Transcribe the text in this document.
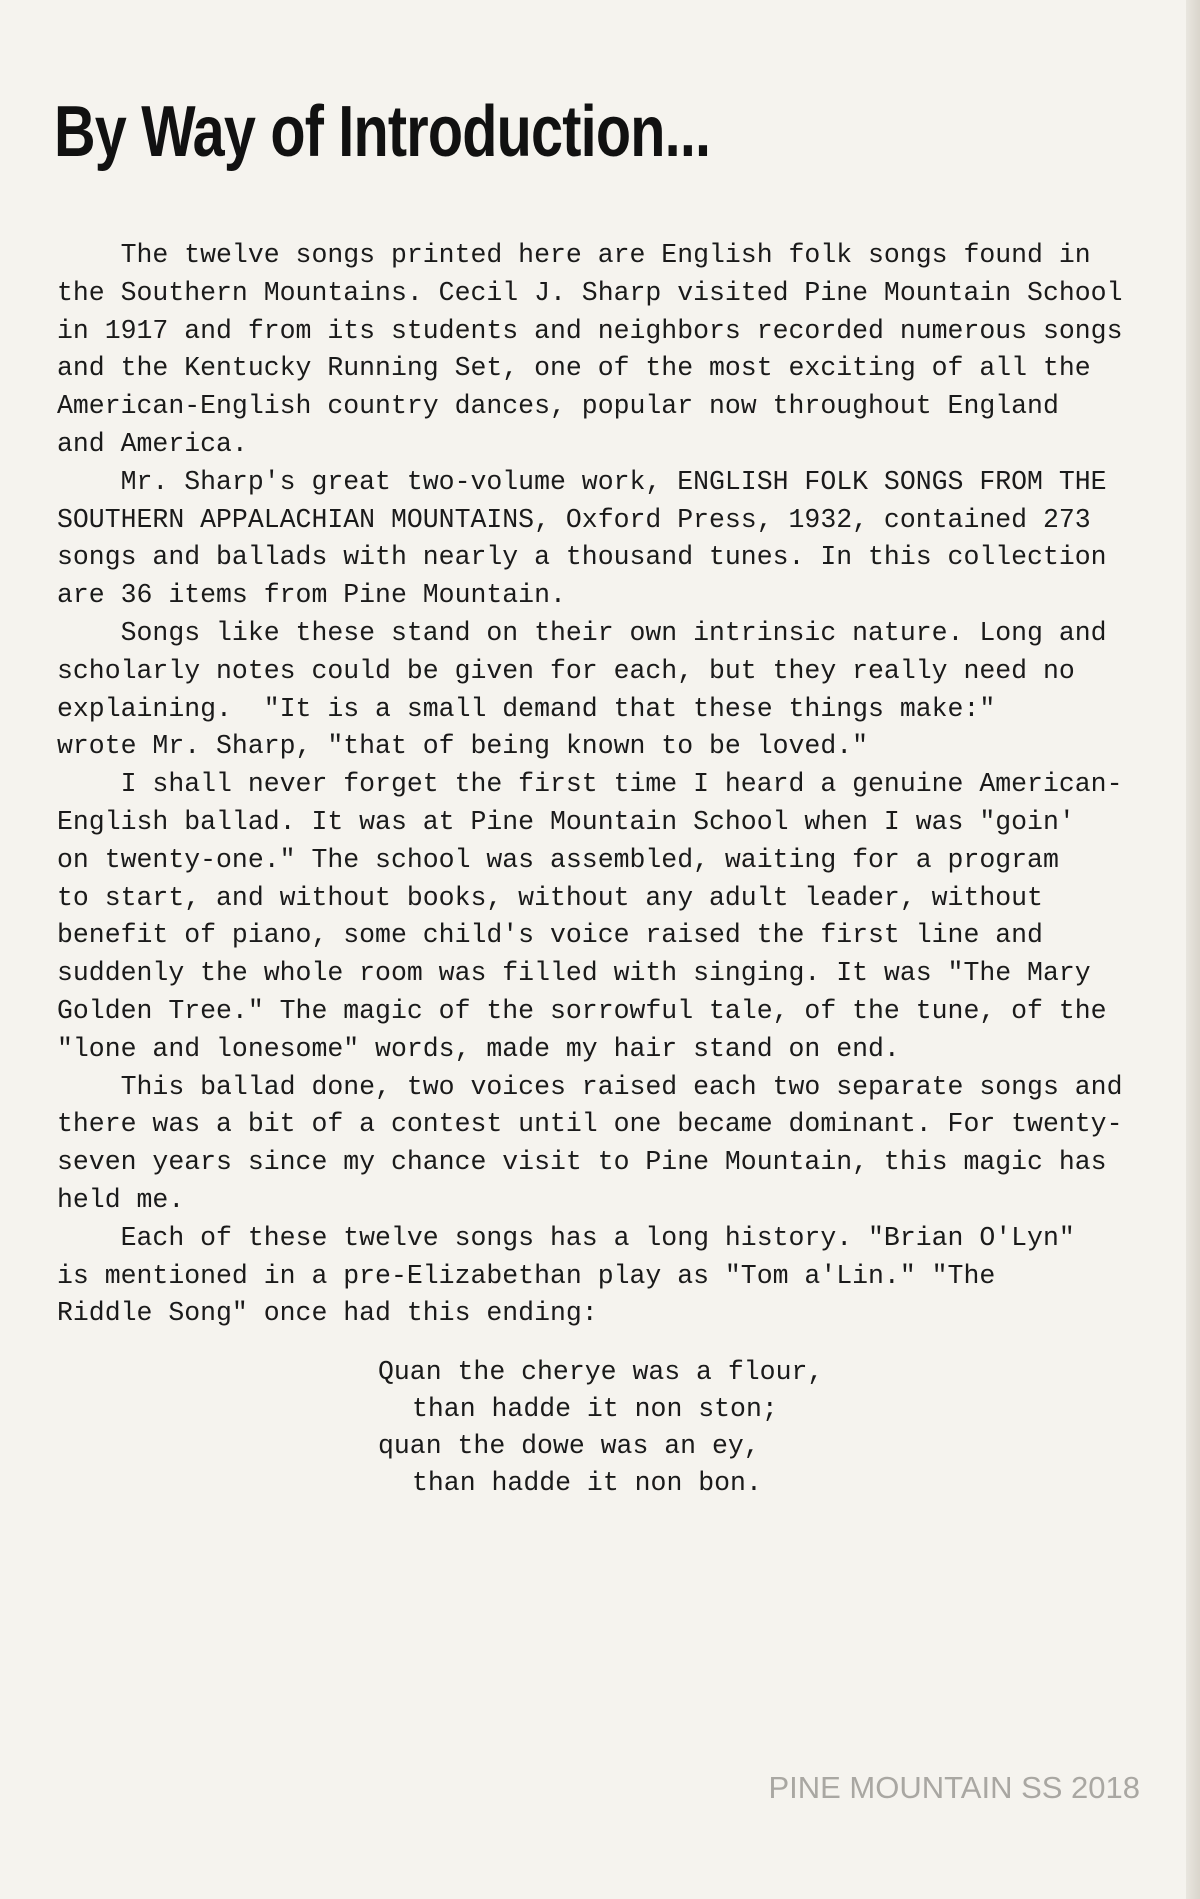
By Way of Introduction...

The twelve songs printed here are English folk songs found in
the Southern Mountains. Cecil J. Sharp visited Pine Mountain School
in 1917 and from its students and neighbors recorded numerous songs
and the Kentucky Running Set, one of the most exciting of all the
American-English country dances, popular now throughout England
and America.

Mr. Sharp's great two-volume work, ENGLISH FOLK SONGS FROM THE
SOUTHERN APPALACHIAN MOUNTAINS, Oxford Press, 1932, contained 273
songs and ballads with nearly a thousand tunes. In this collection
are 36 items from Pine Mountain.

Songs like these stand on their own intrinsic nature. Long and
scholarly notes could be given for each, but they really need no
explaining.  "It is a small demand that these things make:"
wrote Mr. Sharp, "that of being known to be loved."

I shall never forget the first time I heard a genuine American-
English ballad. It was at Pine Mountain School when I was "goin'
on twenty-one." The school was assembled, waiting for a program
to start, and without books, without any adult leader, without
benefit of piano, some child's voice raised the first line and
suddenly the whole room was filled with singing. It was "The Mary
Golden Tree." The magic of the sorrowful tale, of the tune, of the
"lone and lonesome" words, made my hair stand on end.

This ballad done, two voices raised each two separate songs and
there was a bit of a contest until one became dominant. For twenty-
seven years since my chance visit to Pine Mountain, this magic has
held me.

Each of these twelve songs has a long history. "Brian O'Lyn"
is mentioned in a pre-Elizabethan play as "Tom a'Lin." "The
Riddle Song" once had this ending:

Quan the cherye was a flour,
than hadde it non ston;
quan the dowe was an ey,
than hadde it non bon.
PINE MOUNTAIN SS 2018
